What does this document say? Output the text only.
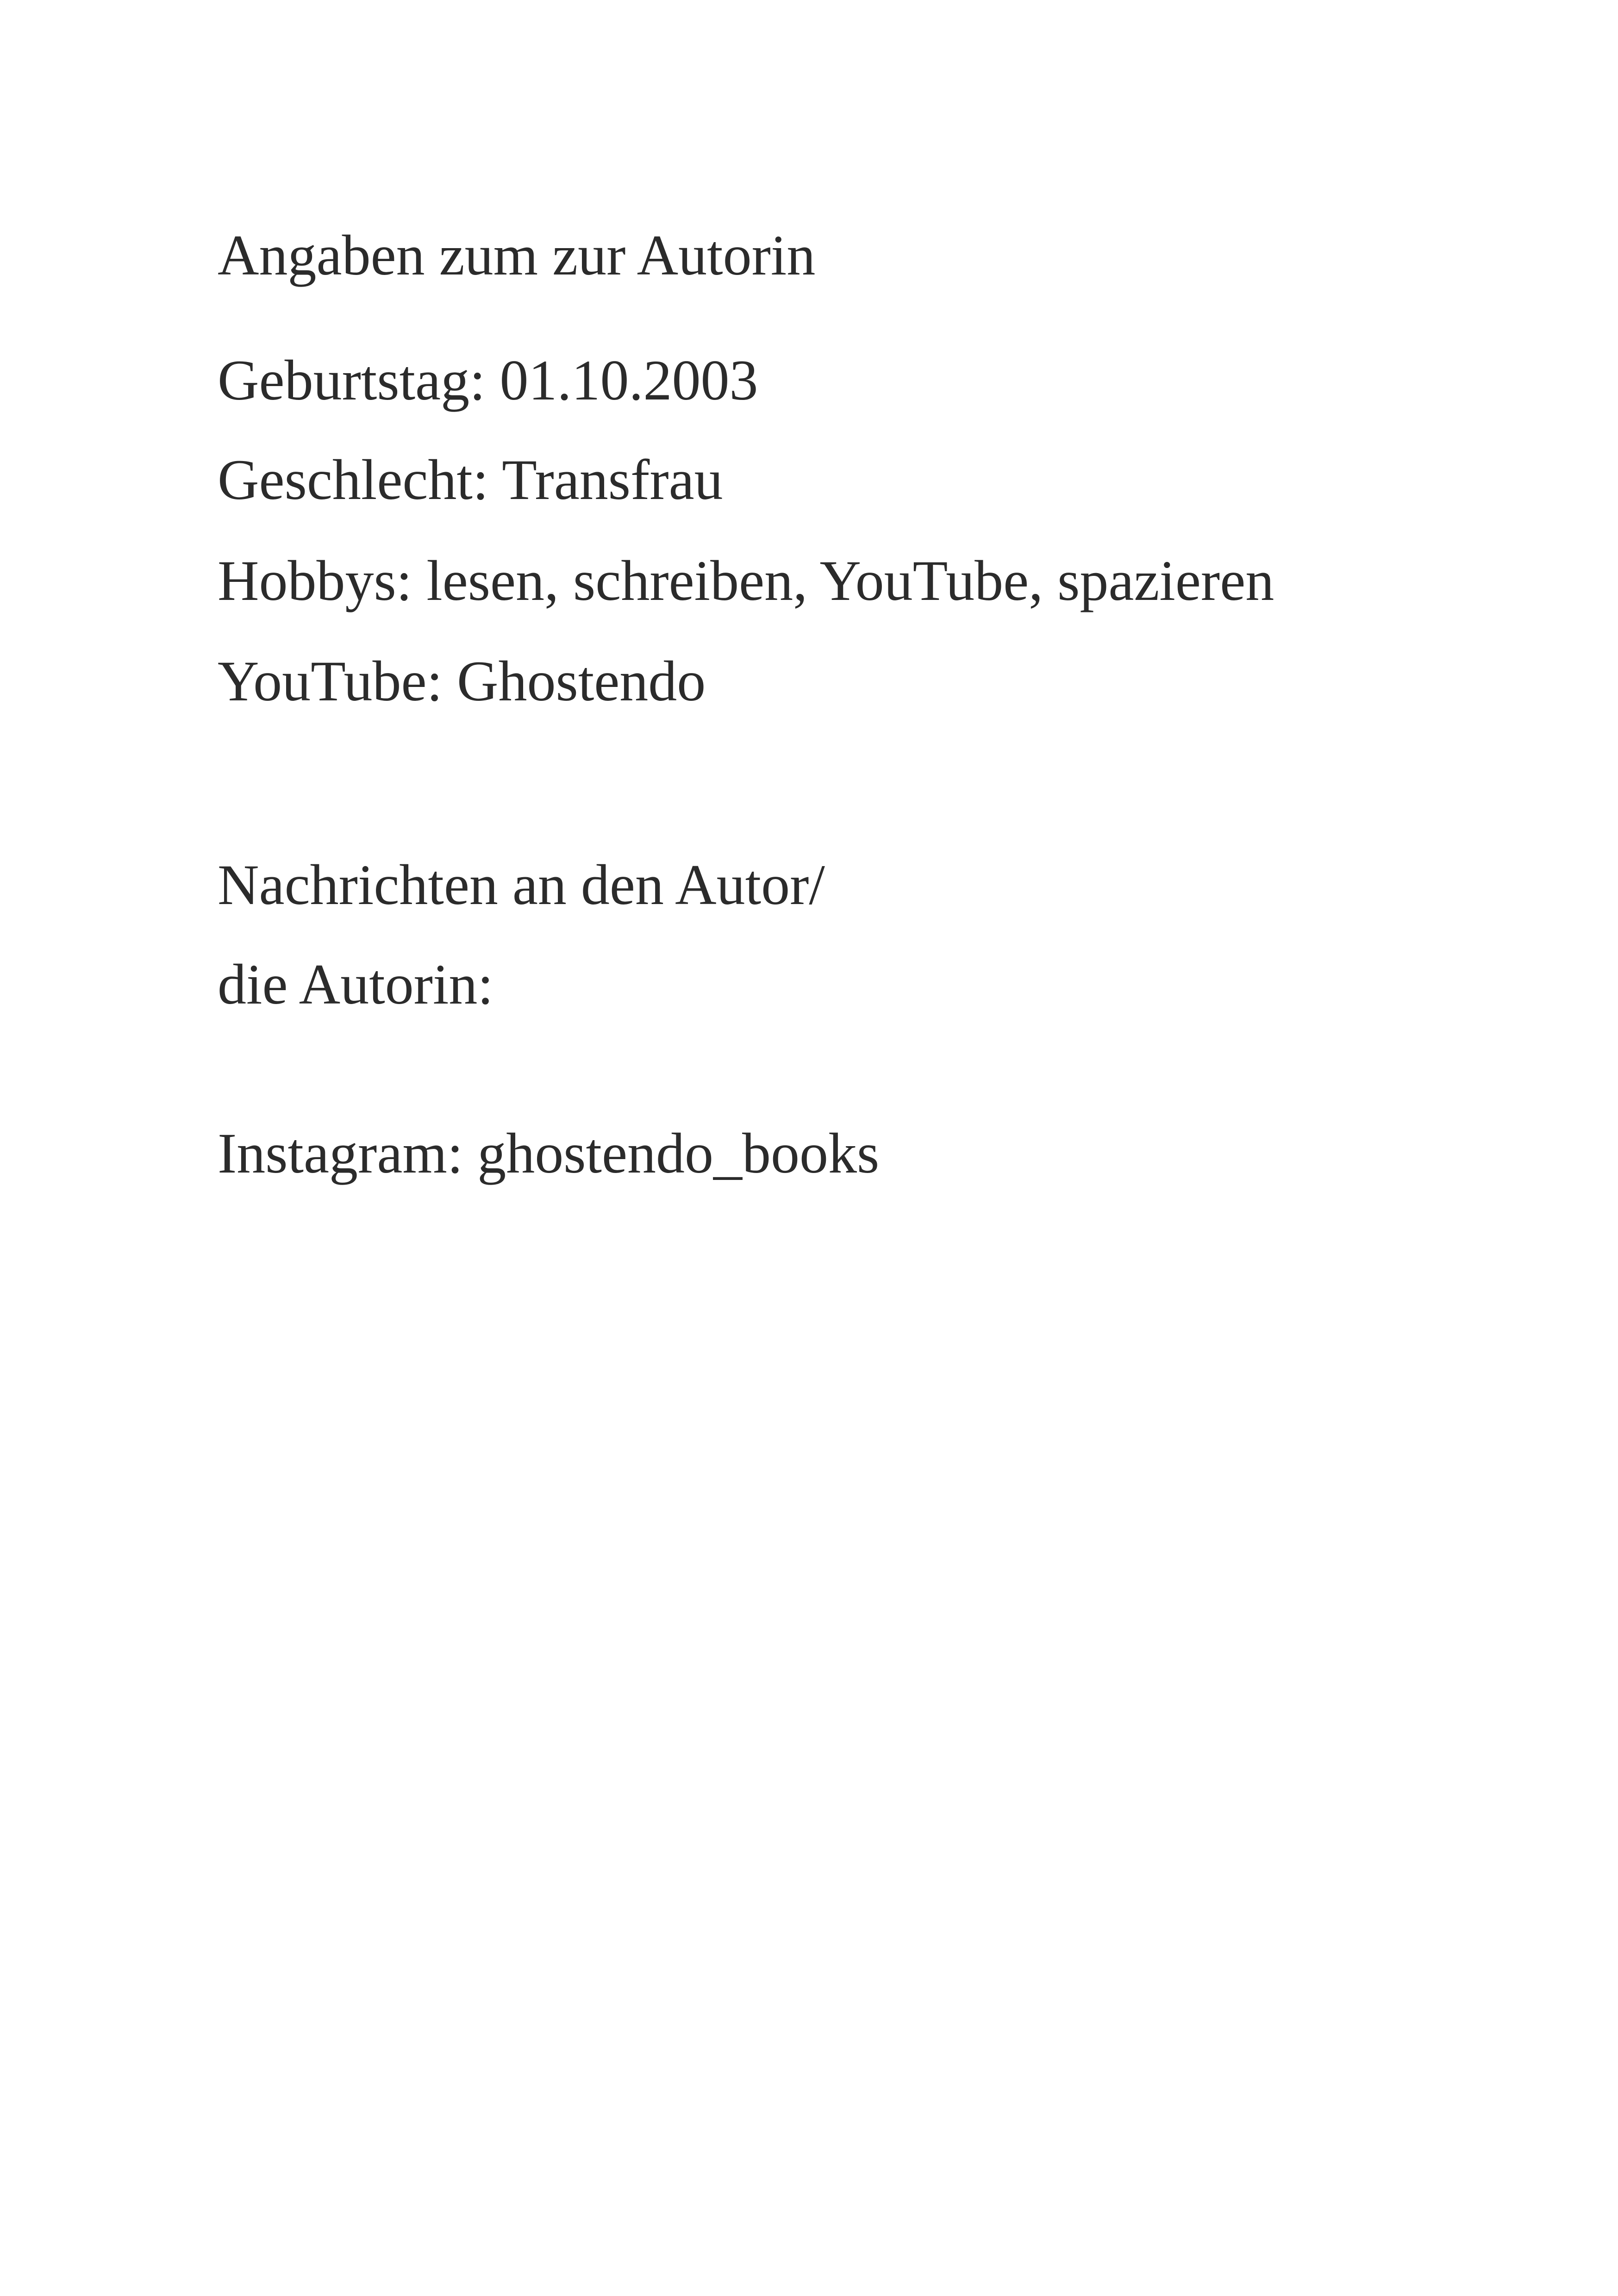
Angaben zum zur Autorin

Geburtstag: 01.10.2003

Geschlecht: Transfrau

Hobbys: lesen, schreiben, YouTube, spazieren

YouTube: Ghostendo

Nachrichten an den Autor/

die Autorin:

Instagram: ghostendo_books
